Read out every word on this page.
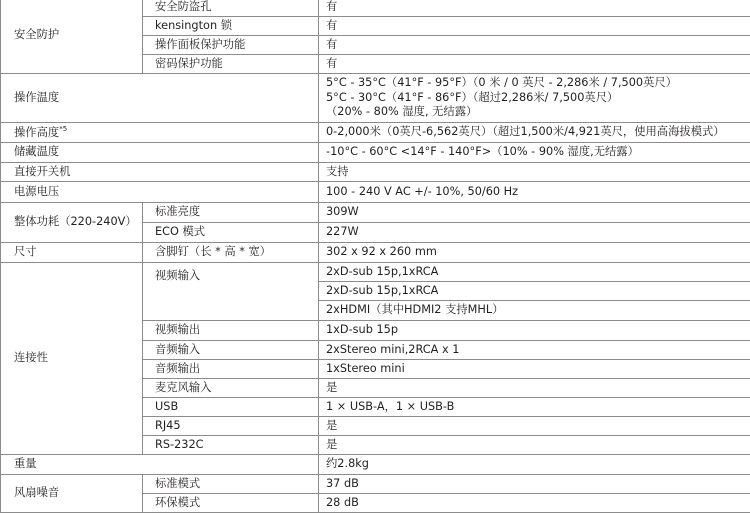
安全防护	安全防盗孔	有
	kensington 锁	有
	操作面板保护功能	有
	密码保护功能	有
操作温度		5°C - 35°C（41°F - 95°F）（0 米 / 0 英尺 - 2,286米 / 7,500英尺）
5°C - 30°C（41°F - 86°F）（超过2,286米/ 7,500英尺）
（20% - 80% 湿度, 无结露）

操作高度$^{*5}$		0-2,000米（0英尺-6,562英尺）（超过1,500米/4,921英尺，使用高海拔模式）
储藏温度		-10°C - 60°C <14°F - 140°F>（10% - 90% 湿度,无结露）
直接开关机		支持
电源电压		100 - 240 V AC +/- 10%, 50/60 Hz
整体功耗（220-240V）	标准亮度	309W
	ECO 模式	227W
尺寸	含脚钉（长 * 高 * 宽）	302 x 92 x 260 mm
连接性	视频输入	2xD-sub 15p,1xRCA
		2xD-sub 15p,1xRCA
		2xHDMI（其中HDMI2 支持MHL）
	视频输出	1xD-sub 15p
	音频输入	2xStereo mini,2RCA x 1
	音频输出	1xStereo mini
	麦克风输入	是
	USB	1 × USB-A，1 × USB-B
	RJ45	是
	RS-232C	是
重量		约2.8kg
风扇噪音	标准模式	37 dB
	环保模式	28 dB
